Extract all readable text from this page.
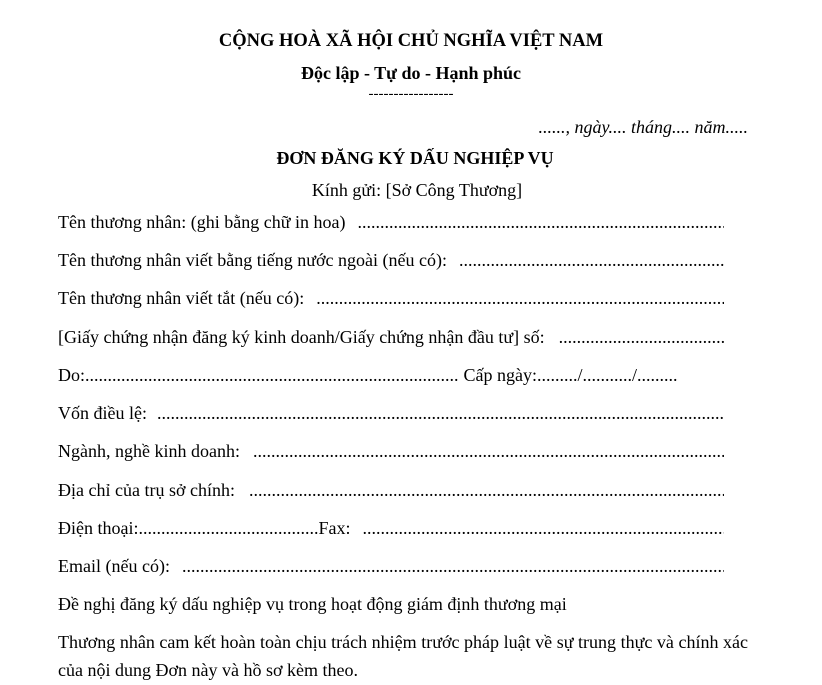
CỘNG HOÀ XÃ HỘI CHỦ NGHĨA VIỆT NAM
Độc lập - Tự do - Hạnh phúc
-----------------
......, ngày.... tháng.... năm.....
ĐƠN ĐĂNG KÝ DẤU NGHIỆP VỤ
Kính gửi: [Sở Công Thương]
Tên thương nhân: (ghi bằng chữ in hoa)
.....
Tên thương nhân viết bằng tiếng nước ngoài (nếu có):
.....
Tên thương nhân viết tắt (nếu có):
.....
[Giấy chứng nhận đăng ký kinh doanh/Giấy chứng nhận đầu tư] số:
.....
Do: ................................................................................... Cấp ngày: ........./.........../.........
Vốn điều lệ:
.....
Ngành, nghề kinh doanh:
.....
Địa chỉ của trụ sở chính:
.....
Điện thoại: ........................................ Fax:
.....
Email (nếu có):
.....
Đề nghị đăng ký dấu nghiệp vụ trong hoạt động giám định thương mại
Thương nhân cam kết hoàn toàn chịu trách nhiệm trước pháp luật về sự trung thực và chính xác của nội dung Đơn này và hồ sơ kèm theo.
